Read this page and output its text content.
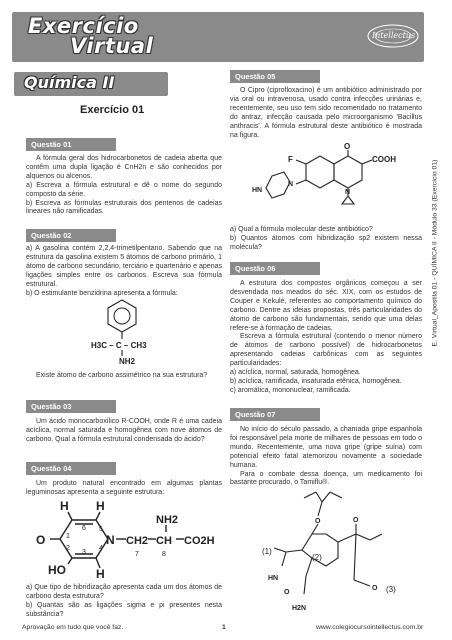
Exercício
Virtual	Intellectus
E. Virtual_Apostila 01 - QUÍMICA II - Módulo 33 (Exercício 01)
Química II
Exercício 01
Questão 01
A fórmula geral dos hidrocarbonetos de cadeia aberta que contêm uma dupla ligação é CnH2n e são conhecidos por alquenos ou alcenos.
a) Escreva a fórmula estrutural e dê o nome do segundo composto da série.
b) Escreva as fórmulas estruturais dos pentenos de cadeias lineares não ramificadas.
Questão 02
a) A gasolina contém 2,2,4-trimetilpentano. Sabendo que na estrutura da gasolina existem 5 átomos de carbono primário, 1 átomo de carbono secundário, terciário e quartenário e apenas ligações simples entre os carbonos. Escreva sua fórmula estrutural.
b) O estimulante benzidrina apresenta a fórmula:
H3C – C – CH3
NH2
Existe átomo de carbono assimétrico na sua estrutura?
Questão 03
Um ácido monocarboxílico R-COOH, onde R é uma cadeia acíclica, normal saturada e homogênea com nove átomos de carbono. Qual a fórmula estrutural condensada do ácido?
Questão 04
Um produto natural encontrado em algumas plantas leguminosas apresenta a seguinte estrutura:
H H
O	N CH2 CH CO2H
NH2
HO	H
1
2
3
4
5
6
7	8
a) Que tipo de hibridização apresenta cada um dos átomos de carbono desta estrutura?
b) Quantas são as ligações sigma e pi presentes nesta substância?
Questão 05
O Cipro (ciprofloxacino) é um antibiótico administrado por via oral ou intravenosa, usado contra infecções urinárias e, recentemente, seu uso tem sido recomendado no tratamento do antraz, infecção causada pelo microorganismo 'Bacillus anthracis'. A fórmula estrutural deste antibiótico é mostrada na figura.
F
O
COOH
HN
N
N
a) Qual a fórmula molecular deste antibiótico?
b) Quantos átomos com hibridização sp2 existem nessa molécula?
Questão 06
A estrutura dos compostos orgânicos começou a ser desvendada nos meados do séc. XIX, com os estudos de Couper e Kekulé, referentes ao comportamento químico do carbono. Dentre as ideias propostas, três particularidades do átomo de carbono são fundamentais, sendo que uma delas refere-se à formação de cadeias.
Escreva a fórmula estrutural (contendo o menor número de átomos de carbono possível) de hidrocarbonetos apresentando cadeias carbônicas com as seguintes particularidades:
a) acíclica, normal, saturada, homogênea.
b) acíclica, ramificada, insaturada etênica, homogênea.
c) aromática, mononuclear, ramificada.
Questão 07
No início do século passado, a chamada gripe espanhola foi responsável pela morte de milhares de pessoas em todo o mundo. Recentemente, uma nova gripe (gripe suína) com potencial efeito fatal atemorizou novamente a sociedade humana.
Para o combate dessa doença, um medicamento foi bastante procurado, o Tamiflu®.
(1)
(2)
(3)
O	O
HN
O
O
H2N
Aprovação em tudo que você faz.	1	www.colegiocursointellectus.com.br
